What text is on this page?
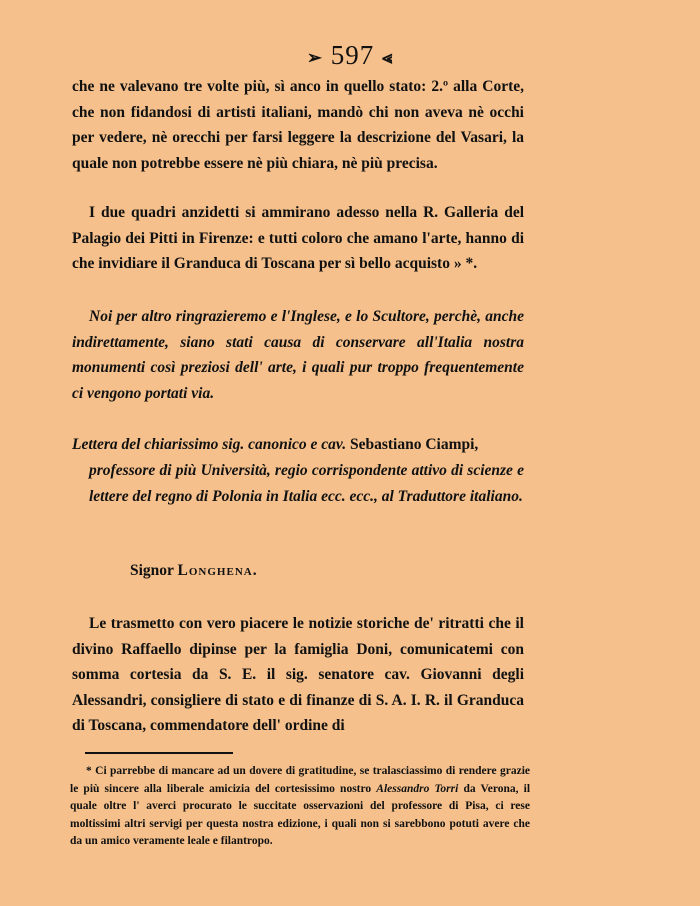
➢ 597 ⪡
che ne valevano tre volte più, sì anco in quello stato: 2.º alla Corte, che non fidandosi di artisti italiani, mandò chi non aveva nè occhi per vedere, nè orecchi per farsi leggere la descrizione del Vasari, la quale non potrebbe essere nè più chiara, nè più precisa.
I due quadri anzidetti si ammirano adesso nella R. Galleria del Palagio dei Pitti in Firenze: e tutti coloro che amano l'arte, hanno di che invidiare il Granduca di Toscana per sì bello acquisto » *.
Noi per altro ringrazieremo e l'Inglese, e lo Scultore, perchè, anche indirettamente, siano stati causa di conservare all'Italia nostra monumenti così preziosi dell' arte, i quali pur troppo frequentemente ci vengono portati via.
Lettera del chiarissimo sig. canonico e cav. Sebastiano Ciampi,
professore di più Università, regio corrispondente attivo di scienze e lettere del regno di Polonia in Italia ecc. ecc., al Traduttore italiano.
Signor Longhena.
Le trasmetto con vero piacere le notizie storiche de' ritratti che il divino Raffaello dipinse per la famiglia Doni, comunicatemi con somma cortesia da S. E. il sig. senatore cav. Giovanni degli Alessandri, consigliere di stato e di finanze di S. A. I. R. il Granduca di Toscana, commendatore dell' ordine di
* Ci parrebbe di mancare ad un dovere di gratitudine, se tralasciassimo di rendere grazie le più sincere alla liberale amicizia del cortesissimo nostro Alessandro Torri da Verona, il quale oltre l' averci procurato le succitate osservazioni del professore di Pisa, ci rese moltissimi altri servigi per questa nostra edizione, i quali non si sarebbono potuti avere che da un amico veramente leale e filantropo.
